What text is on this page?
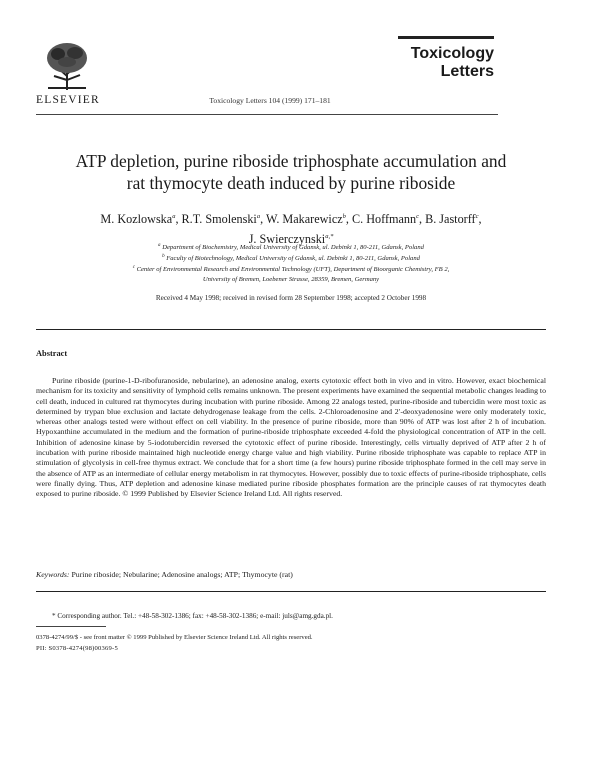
ELSEVIER	Toxicology Letters 104 (1999) 171–181
Toxicology
Letters
ATP depletion, purine riboside triphosphate accumulation and
rat thymocyte death induced by purine riboside
M. Kozlowska$^a$, R.T. Smolenski$^a$, W. Makarewicz$^b$, C. Hoffmann$^c$, B. Jastorff$^c$,
J. Swierczynski$^{a,*}$
$^a$ Department of Biochemistry, Medical University of Gdansk, ul. Debinki 1, 80-211, Gdansk, Poland
$^b$ Faculty of Biotechnology, Medical University of Gdansk, ul. Debinki 1, 80-211, Gdansk, Poland
$^c$ Center of Environmental Research and Environmental Technology (UFT), Department of Bioorganic Chemistry, FB 2,
University of Bremen, Loebener Strasse, 28359, Bremen, Germany
Received 4 May 1998; received in revised form 28 September 1998; accepted 2 October 1998
Abstract
Purine riboside (purine-1-D-ribofuranoside, nebularine), an adenosine analog, exerts cytotoxic effect both in vivo and in vitro. However, exact biochemical mechanism for its toxicity and sensitivity of lymphoid cells remains unknown. The present experiments have examined the sequential metabolic changes leading to cell death, induced in cultured rat thymocytes during incubation with purine riboside. Among 22 analogs tested, purine-riboside and tubercidin were most toxic as determined by trypan blue exclusion and lactate dehydrogenase leakage from the cells. 2-Chloroadenosine and 2′-deoxyadenosine were only moderately toxic, whereas other analogs tested were without effect on cell viability. In the presence of purine riboside, more than 90% of ATP was lost after 2 h of incubation. Hypoxanthine accumulated in the medium and the formation of purine-riboside triphosphate exceeded 4-fold the physiological concentration of ATP in the cell. Inhibition of adenosine kinase by 5-iodotubercidin reversed the cytotoxic effect of purine riboside. Interestingly, cells virtually deprived of ATP after 2 h of incubation with purine riboside maintained high nucleotide energy charge value and high viability. Purine riboside triphosphate was capable to replace ATP in stimulation of glycolysis in cell-free thymus extract. We conclude that for a short time (a few hours) purine riboside triphosphate formed in the cell may serve in the absence of ATP as an intermediate of cellular energy metabolism in rat thymocytes. However, possibly due to toxic effects of purine-riboside triphosphate, cells were finally dying. Thus, ATP depletion and adenosine kinase mediated purine riboside phosphates formation are the principle causes of rat thymocytes death exposed to purine riboside. © 1999 Published by Elsevier Science Ireland Ltd. All rights reserved.
Keywords: Purine riboside; Nebularine; Adenosine analogs; ATP; Thymocyte (rat)
* Corresponding author. Tel.: +48-58-302-1386; fax: +48-58-302-1386; e-mail: juls@amg.gda.pl.
0378-4274/99/$ - see front matter © 1999 Published by Elsevier Science Ireland Ltd. All rights reserved.
PII: S0378-4274(98)00369-5
